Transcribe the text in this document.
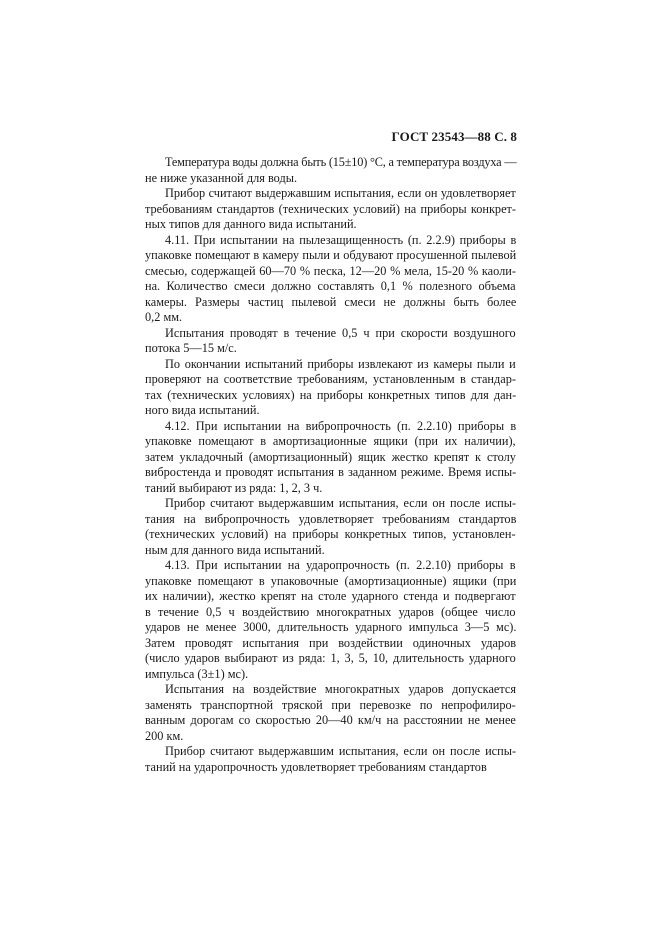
ГОСТ 23543—88 С. 8

Температура воды должна быть (15±10) °С, а температура воздуха —
не ниже указанной для воды.

Прибор считают выдержавшим испытания, если он удовлетворяет
требованиям стандартов (технических условий) на приборы конкрет-
ных типов для данного вида испытаний.

4.11. При испытании на пылезащищенность (п. 2.2.9) приборы в
упаковке помещают в камеру пыли и обдувают просушенной пылевой
смесью, содержащей 60—70 % песка, 12—20 % мела, 15-20 % каоли-
на. Количество смеси должно составлять 0,1 % полезного объема
камеры. Размеры частиц пылевой смеси не должны быть более
0,2 мм.

Испытания проводят в течение 0,5 ч при скорости воздушного
потока 5—15 м/с.

По окончании испытаний приборы извлекают из камеры пыли и
проверяют на соответствие требованиям, установленным в стандар-
тах (технических условиях) на приборы конкретных типов для дан-
ного вида испытаний.

4.12. При испытании на вибропрочность (п. 2.2.10) приборы в
упаковке помещают в амортизационные ящики (при их наличии),
затем укладочный (амортизационный) ящик жестко крепят к столу
вибростенда и проводят испытания в заданном режиме. Время испы-
таний выбирают из ряда: 1, 2, 3 ч.

Прибор считают выдержавшим испытания, если он после испы-
тания на вибропрочность удовлетворяет требованиям стандартов
(технических условий) на приборы конкретных типов, установлен-
ным для данного вида испытаний.

4.13. При испытании на ударопрочность (п. 2.2.10) приборы в
упаковке помещают в упаковочные (амортизационные) ящики (при
их наличии), жестко крепят на столе ударного стенда и подвергают
в течение 0,5 ч воздействию многократных ударов (общее число
ударов не менее 3000, длительность ударного импульса 3—5 мс).
Затем проводят испытания при воздействии одиночных ударов
(число ударов выбирают из ряда: 1, 3, 5, 10, длительность ударного
импульса (3±1) мс).

Испытания на воздействие многократных ударов допускается
заменять транспортной тряской при перевозке по непрофилиро-
ванным дорогам со скоростью 20—40 км/ч на расстоянии не менее
200 км.

Прибор считают выдержавшим испытания, если он после испы-
таний на ударопрочность удовлетворяет требованиям стандартов
